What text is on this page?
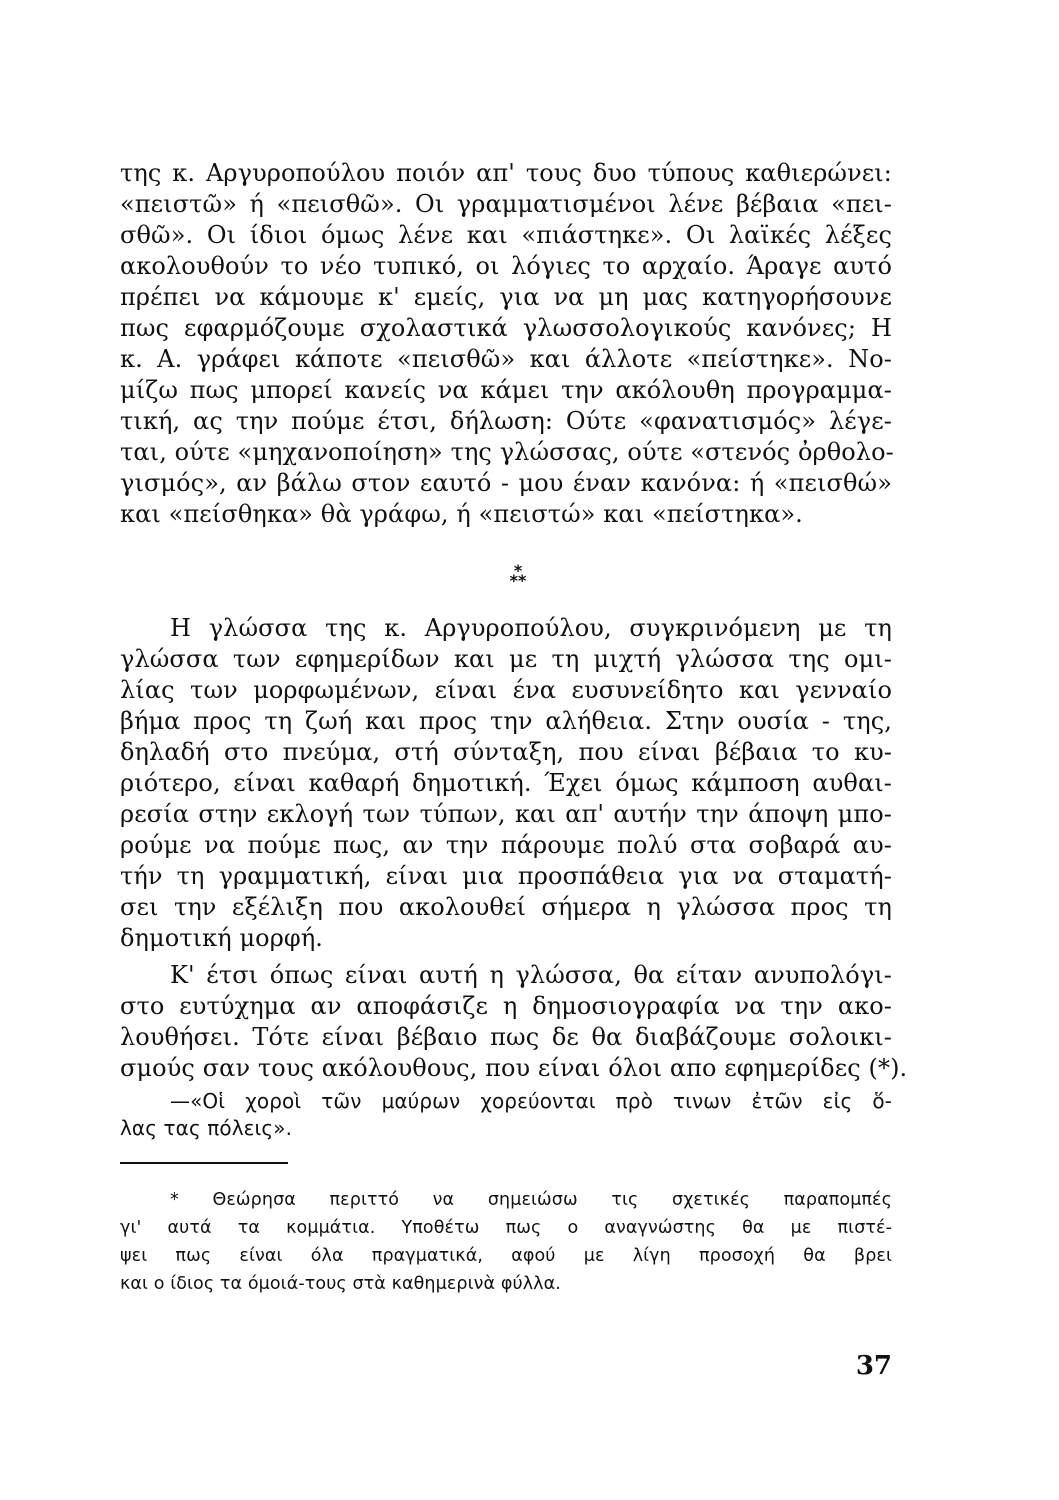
της κ. Αργυροπούλου ποιόν απ' τους δυο τύπους καθιερώνει:
«πειστῶ» ή «πεισθῶ». Οι γραμματισμένοι λένε βέβαια «πει-
σθῶ». Οι ίδιοι όμως λένε και «πιάστηκε». Οι λαϊκές λέξες
ακολουθούν το νέο τυπικό, οι λόγιες το αρχαίο. Άραγε αυτό
πρέπει να κάμουμε κ' εμείς, για να μη μας κατηγορήσουνε
πως εφαρμόζουμε σχολαστικά γλωσσολογικούς κανόνες; Η
κ. Α. γράφει κάποτε «πεισθῶ» και άλλοτε «πείστηκε». Νο-
μίζω πως μπορεί κανείς να κάμει την ακόλουθη προγραμμα-
τική, ας την πούμε έτσι, δήλωση: Ούτε «φανατισμός» λέγε-
ται, ούτε «μηχανοποίηση» της γλώσσας, ούτε «στενός ὀρθολο-
γισμός», αν βάλω στον εαυτό - μου έναν κανόνα: ή «πεισθώ»
και «πείσθηκα» θὰ γράφω, ή «πειστώ» και «πείστηκα».
*
**
Η γλώσσα της κ. Αργυροπούλου, συγκρινόμενη με τη
γλώσσα των εφημερίδων και με τη μιχτή γλώσσα της ομι-
λίας των μορφωμένων, είναι ένα ευσυνείδητο και γενναίο
βήμα προς τη ζωή και προς την αλήθεια. Στην ουσία - της,
δηλαδή στο πνεύμα, στή σύνταξη, που είναι βέβαια το κυ-
ριότερο, είναι καθαρή δημοτική. Έχει όμως κάμποση αυθαι-
ρεσία στην εκλογή των τύπων, και απ' αυτήν την άποψη μπο-
ρούμε να πούμε πως, αν την πάρουμε πολύ στα σοβαρά αυ-
τήν τη γραμματική, είναι μια προσπάθεια για να σταματή-
σει την εξέλιξη που ακολουθεί σήμερα η γλώσσα προς τη
δημοτική μορφή.
Κ' έτσι όπως είναι αυτή η γλώσσα, θα είταν ανυπολόγι-
στο ευτύχημα αν αποφάσιζε η δημοσιογραφία να την ακο-
λουθήσει. Τότε είναι βέβαιο πως δε θα διαβάζουμε σολοικι-
σμούς σαν τους ακόλουθους, που είναι όλοι απο εφημερίδες (*).
—«Οἱ χοροὶ τῶν μαύρων χορεύονται πρὸ τινων ἐτῶν εἰς ὅ-
λας τας πόλεις».
* Θεώρησα περιττό να σημειώσω τις σχετικές παραπομπές
γι' αυτά τα κομμάτια. Υποθέτω πως ο αναγνώστης θα με πιστέ-
ψει πως είναι όλα πραγματικά, αφού με λίγη προσοχή θα βρει
και ο ίδιος τα όμοιά-τους στὰ καθημερινὰ φύλλα.
37
